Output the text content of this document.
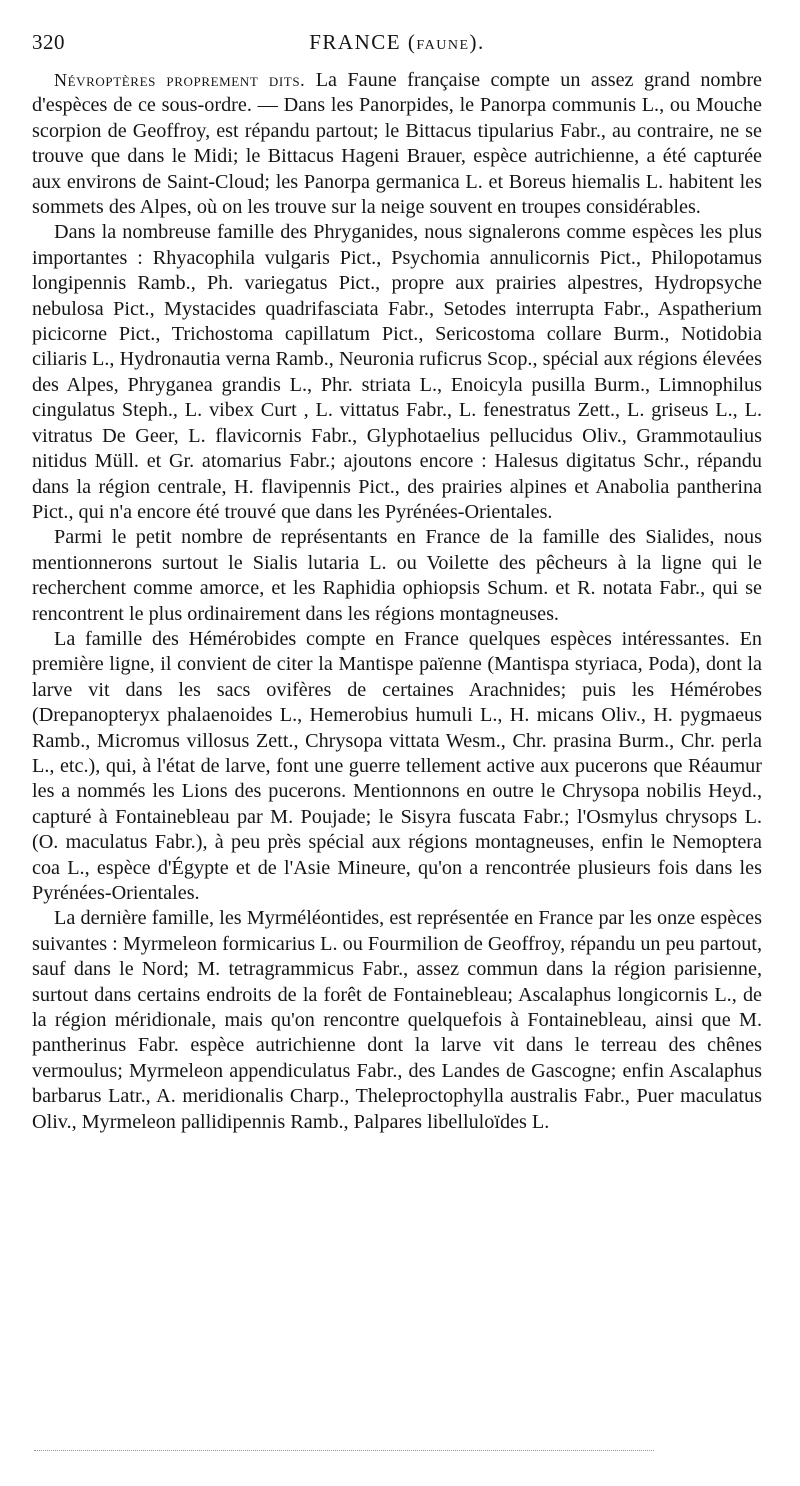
320	FRANCE (FAUNE).

Névroptères proprement dits. La Faune française compte un assez grand nombre d'espèces de ce sous-ordre. — Dans les Panorpides, le Panorpa communis L., ou Mouche scorpion de Geoffroy, est répandu partout; le Bittacus tipularius Fabr., au contraire, ne se trouve que dans le Midi; le Bittacus Hageni Brauer, espèce autrichienne, a été capturée aux environs de Saint-Cloud; les Panorpa germanica L. et Boreus hiemalis L. habitent les sommets des Alpes, où on les trouve sur la neige souvent en troupes considérables.

Dans la nombreuse famille des Phryganides, nous signalerons comme espèces les plus importantes : Rhyacophila vulgaris Pict., Psychomia annulicornis Pict., Philopotamus longipennis Ramb., Ph. variegatus Pict., propre aux prairies alpestres, Hydropsyche nebulosa Pict., Mystacides quadrifasciata Fabr., Setodes interrupta Fabr., Aspatherium picicorne Pict., Trichostoma capillatum Pict., Sericostoma collare Burm., Notidobia ciliaris L., Hydronautia verna Ramb., Neuronia ruficrus Scop., spécial aux régions élevées des Alpes, Phryganea grandis L., Phr. striata L., Enoicyla pusilla Burm., Limnophilus cingulatus Steph., L. vibex Curt , L. vittatus Fabr., L. fenestratus Zett., L. griseus L., L. vitratus De Geer, L. flavicornis Fabr., Glyphotaelius pellucidus Oliv., Grammotaulius nitidus Müll. et Gr. atomarius Fabr.; ajoutons encore : Halesus digitatus Schr., répandu dans la région centrale, H. flavipennis Pict., des prairies alpines et Anabolia pantherina Pict., qui n'a encore été trouvé que dans les Pyrénées-Orientales.

Parmi le petit nombre de représentants en France de la famille des Sialides, nous mentionnerons surtout le Sialis lutaria L. ou Voilette des pêcheurs à la ligne qui le recherchent comme amorce, et les Raphidia ophiopsis Schum. et R. notata Fabr., qui se rencontrent le plus ordinairement dans les régions montagneuses.

La famille des Hémérobides compte en France quelques espèces intéressantes. En première ligne, il convient de citer la Mantispe païenne (Mantispa styriaca, Poda), dont la larve vit dans les sacs ovifères de certaines Arachnides; puis les Hémérobes (Drepanopteryx phalaenoides L., Hemerobius humuli L., H. micans Oliv., H. pygmaeus Ramb., Micromus villosus Zett., Chrysopa vittata Wesm., Chr. prasina Burm., Chr. perla L., etc.), qui, à l'état de larve, font une guerre tellement active aux pucerons que Réaumur les a nommés les Lions des pucerons. Mentionnons en outre le Chrysopa nobilis Heyd., capturé à Fontainebleau par M. Poujade; le Sisyra fuscata Fabr.; l'Osmylus chrysops L. (O. maculatus Fabr.), à peu près spécial aux régions montagneuses, enfin le Nemoptera coa L., espèce d'Égypte et de l'Asie Mineure, qu'on a rencontrée plusieurs fois dans les Pyrénées-Orientales.

La dernière famille, les Myrméléontides, est représentée en France par les onze espèces suivantes : Myrmeleon formicarius L. ou Fourmilion de Geoffroy, répandu un peu partout, sauf dans le Nord; M. tetragrammicus Fabr., assez commun dans la région parisienne, surtout dans certains endroits de la forêt de Fontainebleau; Ascalaphus longicornis L., de la région méridionale, mais qu'on rencontre quelquefois à Fontainebleau, ainsi que M. pantherinus Fabr. espèce autrichienne dont la larve vit dans le terreau des chênes vermoulus; Myrmeleon appendiculatus Fabr., des Landes de Gascogne; enfin Ascalaphus barbarus Latr., A. meridionalis Charp., Theleproctophylla australis Fabr., Puer maculatus Oliv., Myrmeleon pallidipennis Ramb., Palpares libelluloïdes L.
